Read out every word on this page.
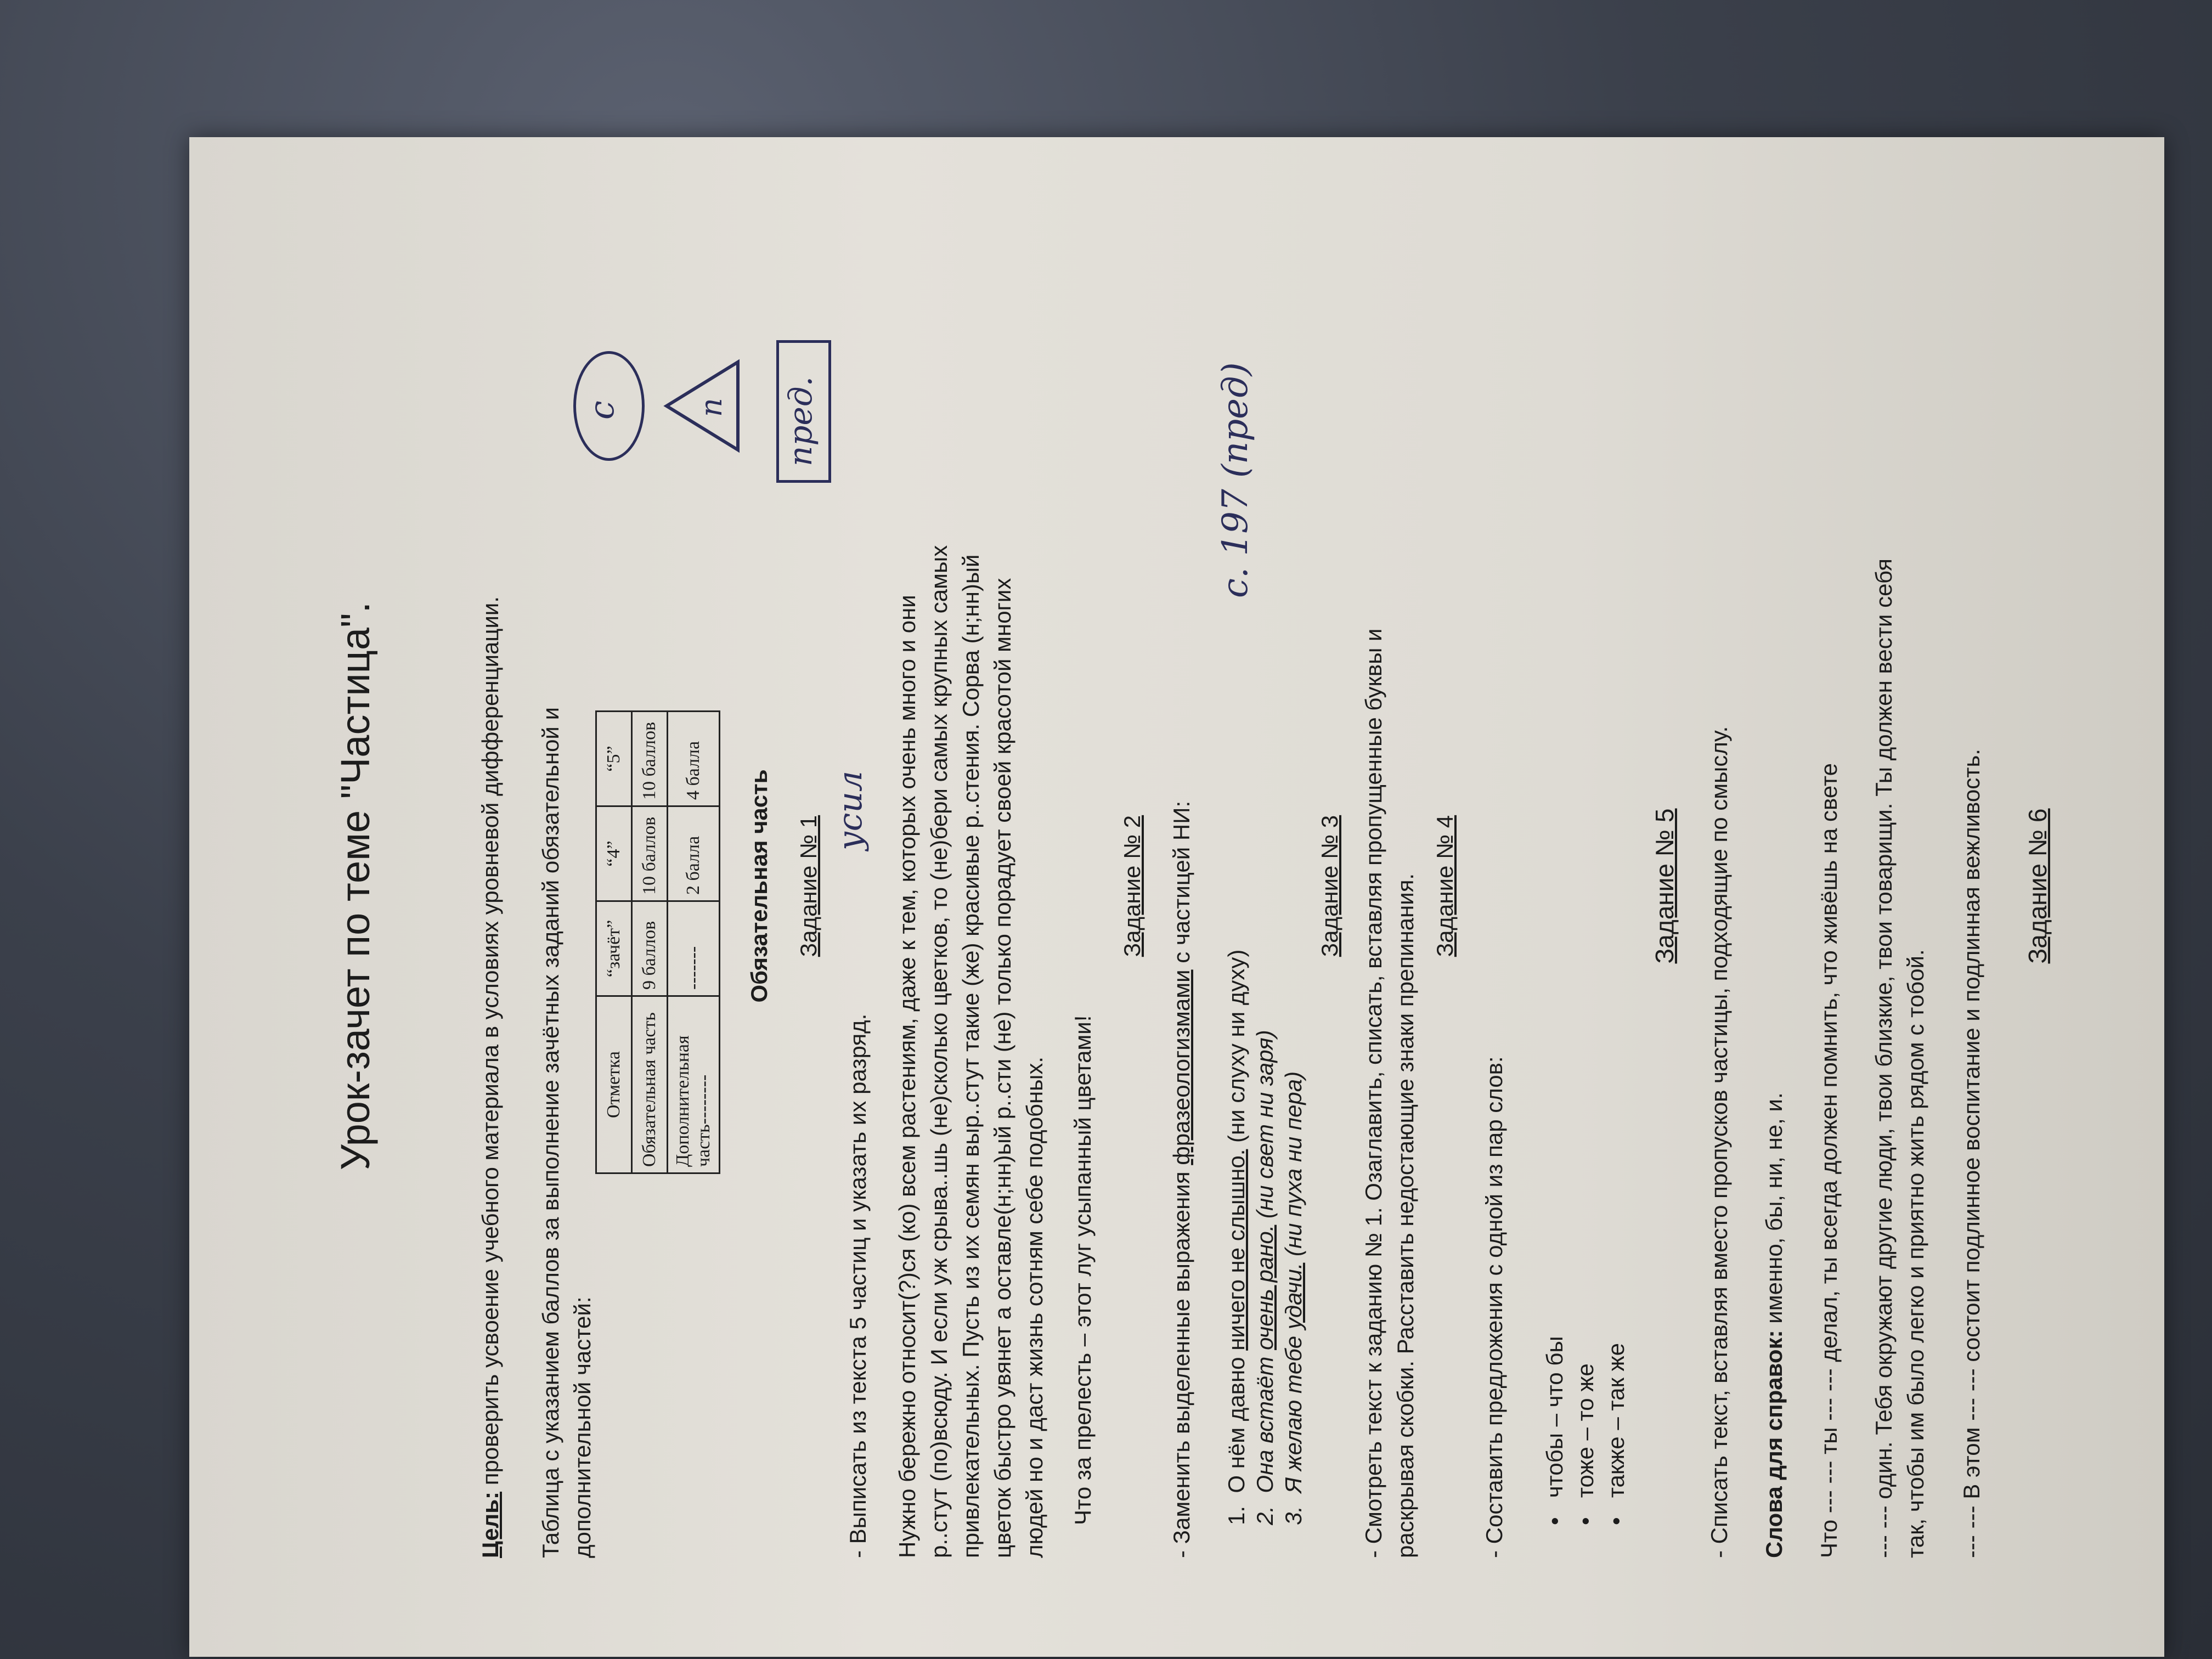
Урок-зачет по теме "Частица".
Цель: проверить усвоение учебного материала в условиях уровневой дифференциации. Таблица с указанием баллов за выполнение зачётных заданий обязательной и дополнительной частей:
Отметка	“зачёт”	“4”	“5”
Обязательная часть	9 баллов	10 баллов	10 баллов
Дополнительная часть--------	-------	2 балла	4 балла Обязательная часть Задание № 1
- Выписать из текста 5 частиц и указать их разряд. Нужно бережно относит(?)ся (ко) всем растениям, даже к тем, которых очень много и они р..стут (по)всюду. И если уж срыва..шь (не)сколько цветков, то (не)бери самых крупных самых привлекательных. Пусть из их семян выр..стут такие (же) красивые р..стения. Сорва (н;нн)ый цветок быстро увянет а оставле(н;нн)ый р..сти (не) только порадует своей красотой многих людей но и даст жизнь сотням себе подобных. Что за прелесть – этот луг усыпанный цветами!
Задание № 2
- Заменить выделенные выражения фразеологизмами с частицей НИ:
1.  О нём давно ничего не слышно. (ни слуху ни духу)
2.  Она встаёт очень рано. (ни свет ни заря)
3.  Я желаю тебе удачи. (ни пуха ни пера)
Задание № 3 - Смотреть текст к заданию № 1. Озаглавить, списать, вставляя пропущенные буквы и раскрывая скобки. Расставить недостающие знаки препинания. Задание № 4
- Составить предложения с одной из пар слов: •   чтобы – что бы
•   тоже – то же
•   также – так же
Задание № 5 - Списать текст, вставляя вместо пропусков частицы, подходящие по смыслу. Слова для справок: именно, бы, ни, не, и. Что --- --- ты --- --- делал, ты всегда должен помнить, что живёшь на свете --- --- один. Тебя окружают другие люди, твои близкие, твои товарищи. Ты должен вести себя так, чтобы им было легко и приятно жить рядом с тобой. --- --- В этом --- --- состоит подлинное воспитание и подлинная вежливость. Задание № 6
с п пред.
усил
с. 197 (пред)
